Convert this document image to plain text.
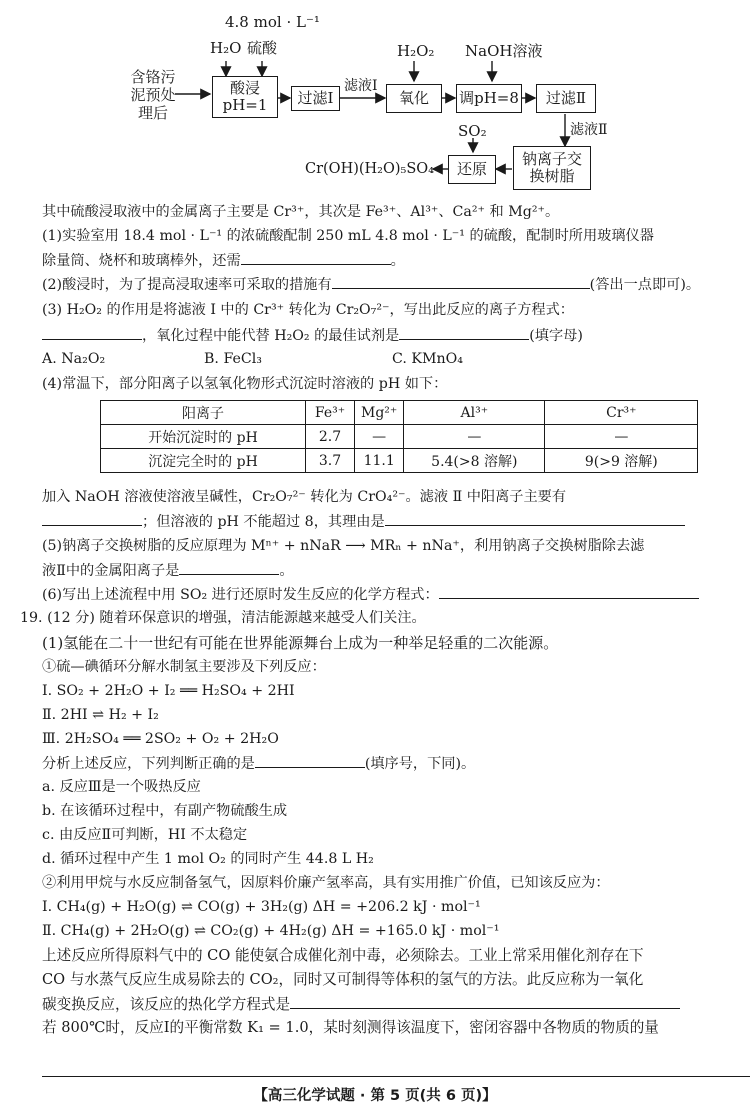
4.8 mol · L⁻¹
H₂O 硫酸	H₂O₂ NaOH溶液
SO₂
含铬污
泥预处
理后
酸浸
pH=1	过滤Ⅰ
滤液Ⅰ
氧化	调pH=8	过滤Ⅱ
滤液Ⅱ
钠离子交
换树脂
还原
Cr(OH)(H₂O)₅SO₄
其中硫酸浸取液中的金属离子主要是 Cr³⁺，其次是 Fe³⁺、Al³⁺、Ca²⁺ 和 Mg²⁺。
(1)实验室用 18.4 mol · L⁻¹ 的浓硫酸配制 250 mL 4.8 mol · L⁻¹ 的硫酸，配制时所用玻璃仪器
除量筒、烧杯和玻璃棒外，还需	。
(2)酸浸时，为了提高浸取速率可采取的措施有	(答出一点即可)。
(3) H₂O₂ 的作用是将滤液 Ⅰ 中的 Cr³⁺ 转化为 Cr₂O₇²⁻，写出此反应的离子方程式：
，氧化过程中能代替 H₂O₂ 的最佳试剂是	(填字母)
A. Na₂O₂	B. FeCl₃	C. KMnO₄
(4)常温下，部分阳离子以氢氧化物形式沉淀时溶液的 pH 如下：
阳离子	Fe³⁺	Mg²⁺	Al³⁺	Cr³⁺
开始沉淀时的 pH	2.7	—	—	—
沉淀完全时的 pH	3.7	11.1	5.4(>8 溶解)	9(>9 溶解)
加入 NaOH 溶液使溶液呈碱性，Cr₂O₇²⁻ 转化为 CrO₄²⁻。滤液 Ⅱ 中阳离子主要有
；但溶液的 pH 不能超过 8，其理由是
(5)钠离子交换树脂的反应原理为 Mⁿ⁺ + nNaR ⟶ MRₙ + nNa⁺，利用钠离子交换树脂除去滤
液Ⅱ中的金属阳离子是	。
(6)写出上述流程中用 SO₂ 进行还原时发生反应的化学方程式：
19. (12 分) 随着环保意识的增强，清洁能源越来越受人们关注。
(1)氢能在二十一世纪有可能在世界能源舞台上成为一种举足轻重的二次能源。
①硫—碘循环分解水制氢主要涉及下列反应：
Ⅰ. SO₂ + 2H₂O + I₂ ══ H₂SO₄ + 2HI
Ⅱ. 2HI ⇌ H₂ + I₂
Ⅲ. 2H₂SO₄ ══ 2SO₂ + O₂ + 2H₂O
分析上述反应，下列判断正确的是	(填序号，下同)。
a. 反应Ⅲ是一个吸热反应
b. 在该循环过程中，有副产物硫酸生成
c. 由反应Ⅱ可判断，HI 不太稳定
d. 循环过程中产生 1 mol O₂ 的同时产生 44.8 L H₂
②利用甲烷与水反应制备氢气，因原料价廉产氢率高，具有实用推广价值，已知该反应为：
Ⅰ. CH₄(g) + H₂O(g) ⇌ CO(g) + 3H₂(g) ΔH = +206.2 kJ · mol⁻¹
Ⅱ. CH₄(g) + 2H₂O(g) ⇌ CO₂(g) + 4H₂(g) ΔH = +165.0 kJ · mol⁻¹
上述反应所得原料气中的 CO 能使氨合成催化剂中毒，必须除去。工业上常采用催化剂存在下
CO 与水蒸气反应生成易除去的 CO₂，同时又可制得等体积的氢气的方法。此反应称为一氧化
碳变换反应，该反应的热化学方程式是
若 800℃时，反应Ⅰ的平衡常数 K₁ = 1.0，某时刻测得该温度下，密闭容器中各物质的物质的量
【高三化学试题 · 第 5 页(共 6 页)】
